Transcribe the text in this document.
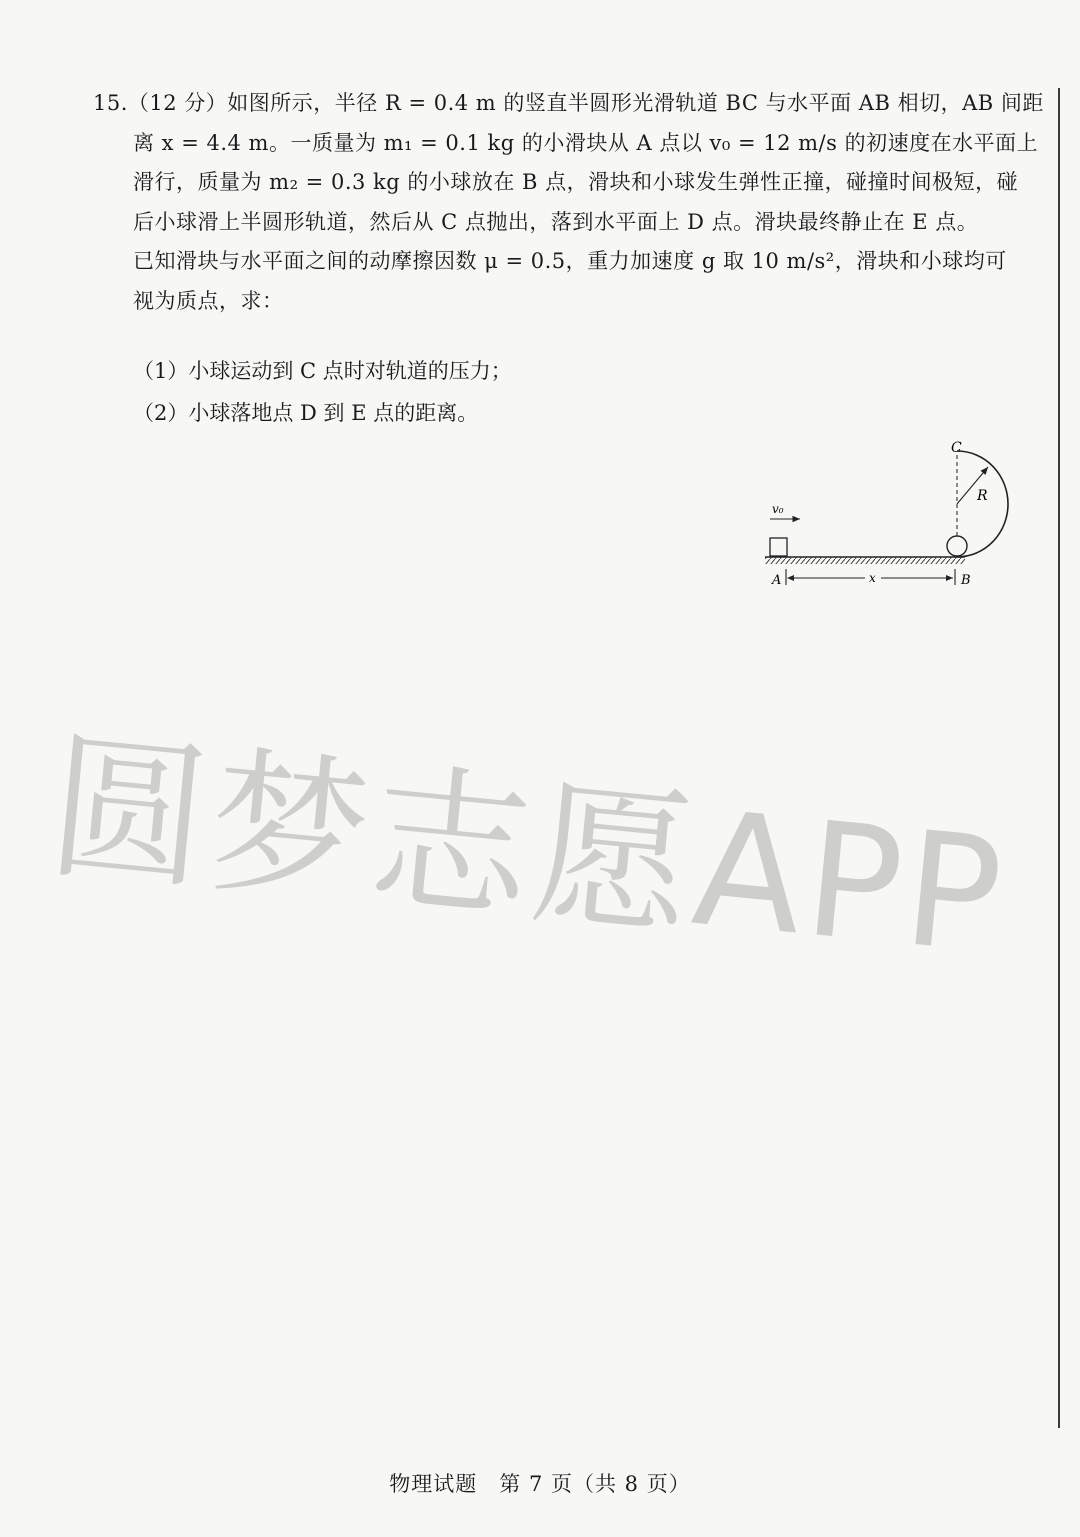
15.（12 分）如图所示，半径 R = 0.4 m 的竖直半圆形光滑轨道 BC 与水平面 AB 相切，AB 间距
离 x = 4.4 m。一质量为 m₁ = 0.1 kg 的小滑块从 A 点以 v₀ = 12 m/s 的初速度在水平面上
滑行，质量为 m₂ = 0.3 kg 的小球放在 B 点，滑块和小球发生弹性正撞，碰撞时间极短，碰
后小球滑上半圆形轨道，然后从 C 点抛出，落到水平面上 D 点。滑块最终静止在 E 点。
已知滑块与水平面之间的动摩擦因数 μ = 0.5，重力加速度 g 取 10 m/s²，滑块和小球均可
视为质点，求：
（1）小球运动到 C 点时对轨道的压力；
（2）小球落地点 D 到 E 点的距离。
C
R
v₀
A	B
x
圆梦志愿APP
物理试题　第 7 页（共 8 页）
